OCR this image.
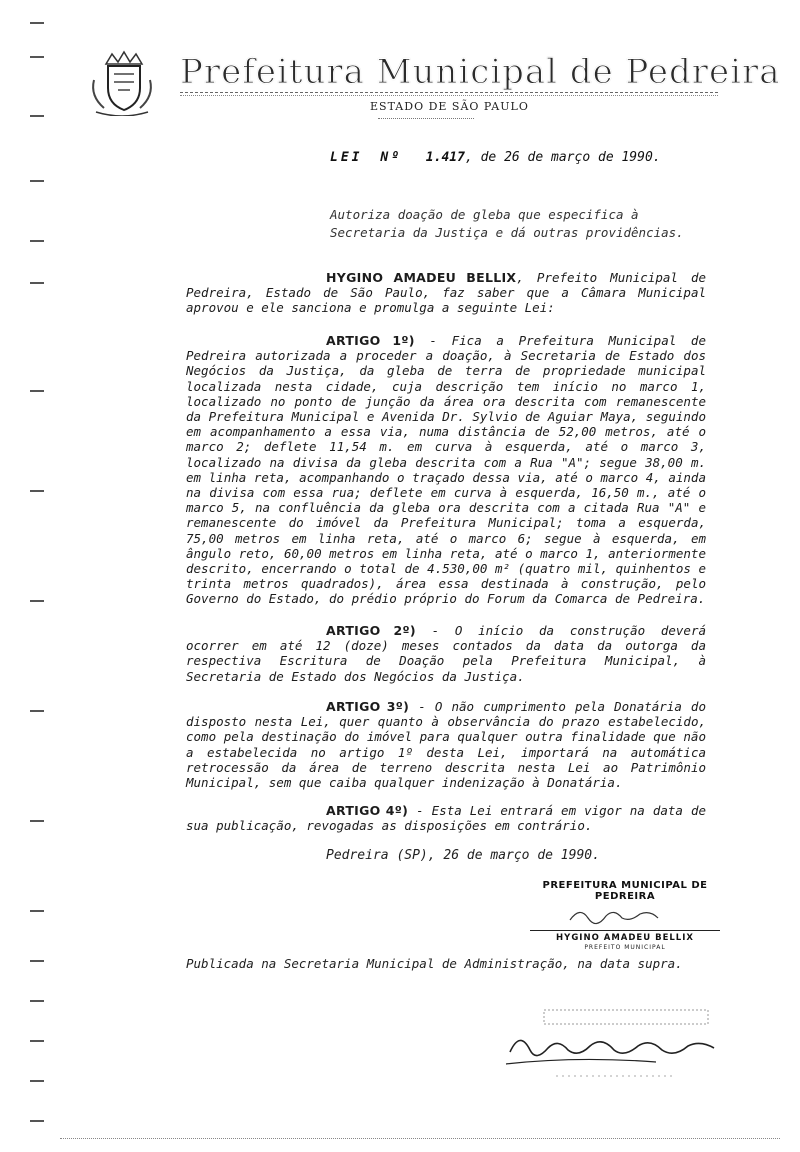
Prefeitura Municipal de Pedreira
ESTADO DE SÃO PAULO
LEI Nº 1.417, de 26 de março de 1990.
Autoriza doação de gleba que especifica à Secretaria da Justiça e dá outras providências.

HYGINO AMADEU BELLIX, Prefeito Municipal de Pedreira, Estado de São Paulo, faz saber que a Câmara Municipal aprovou e ele sanciona e promulga a seguinte Lei:

ARTIGO 1º) - Fica a Prefeitura Municipal de Pedreira autorizada a proceder a doação, à Secretaria de Estado dos Negócios da Justiça, da gleba de terra de propriedade municipal localizada nesta cidade, cuja descrição tem início no marco 1, localizado no ponto de junção da área ora descrita com remanescente da Prefeitura Municipal e Avenida Dr. Sylvio de Aguiar Maya, seguindo em acompanhamento a essa via, numa distância de 52,00 metros, até o marco 2; deflete 11,54 m. em curva à esquerda, até o marco 3, localizado na divisa da gleba descrita com a Rua "A"; segue 38,00 m. em linha reta, acompanhando o traçado dessa via, até o marco 4, ainda na divisa com essa rua; deflete em curva à esquerda, 16,50 m., até o marco 5, na confluência da gleba ora descrita com a citada Rua "A" e remanescente do imóvel da Prefeitura Municipal; toma a esquerda, 75,00 metros em linha reta, até o marco 6; segue à esquerda, em ângulo reto, 60,00 metros em linha reta, até o marco 1, anteriormente descrito, encerrando o total de 4.530,00 m² (quatro mil, quinhentos e trinta metros quadrados), área essa destinada à construção, pelo Governo do Estado, do prédio próprio do Forum da Comarca de Pedreira.

ARTIGO 2º) - O início da construção deverá ocorrer em até 12 (doze) meses contados da data da outorga da respectiva Escritura de Doação pela Prefeitura Municipal, à Secretaria de Estado dos Negócios da Justiça.

ARTIGO 3º) - O não cumprimento pela Donatária do disposto nesta Lei, quer quanto à observância do prazo estabelecido, como pela destinação do imóvel para qualquer outra finalidade que não a estabelecida no artigo 1º desta Lei, importará na automática retrocessão da área de terreno descrita nesta Lei ao Patrimônio Municipal, sem que caiba qualquer indenização à Donatária.

ARTIGO 4º) - Esta Lei entrará em vigor na data de sua publicação, revogadas as disposições em contrário.

Pedreira (SP), 26 de março de 1990.
PREFEITURA MUNICIPAL DE PEDREIRA
HYGINO AMADEU BELLIX
PREFEITO MUNICIPAL
Publicada na Secretaria Municipal de Administração, na data supra.
